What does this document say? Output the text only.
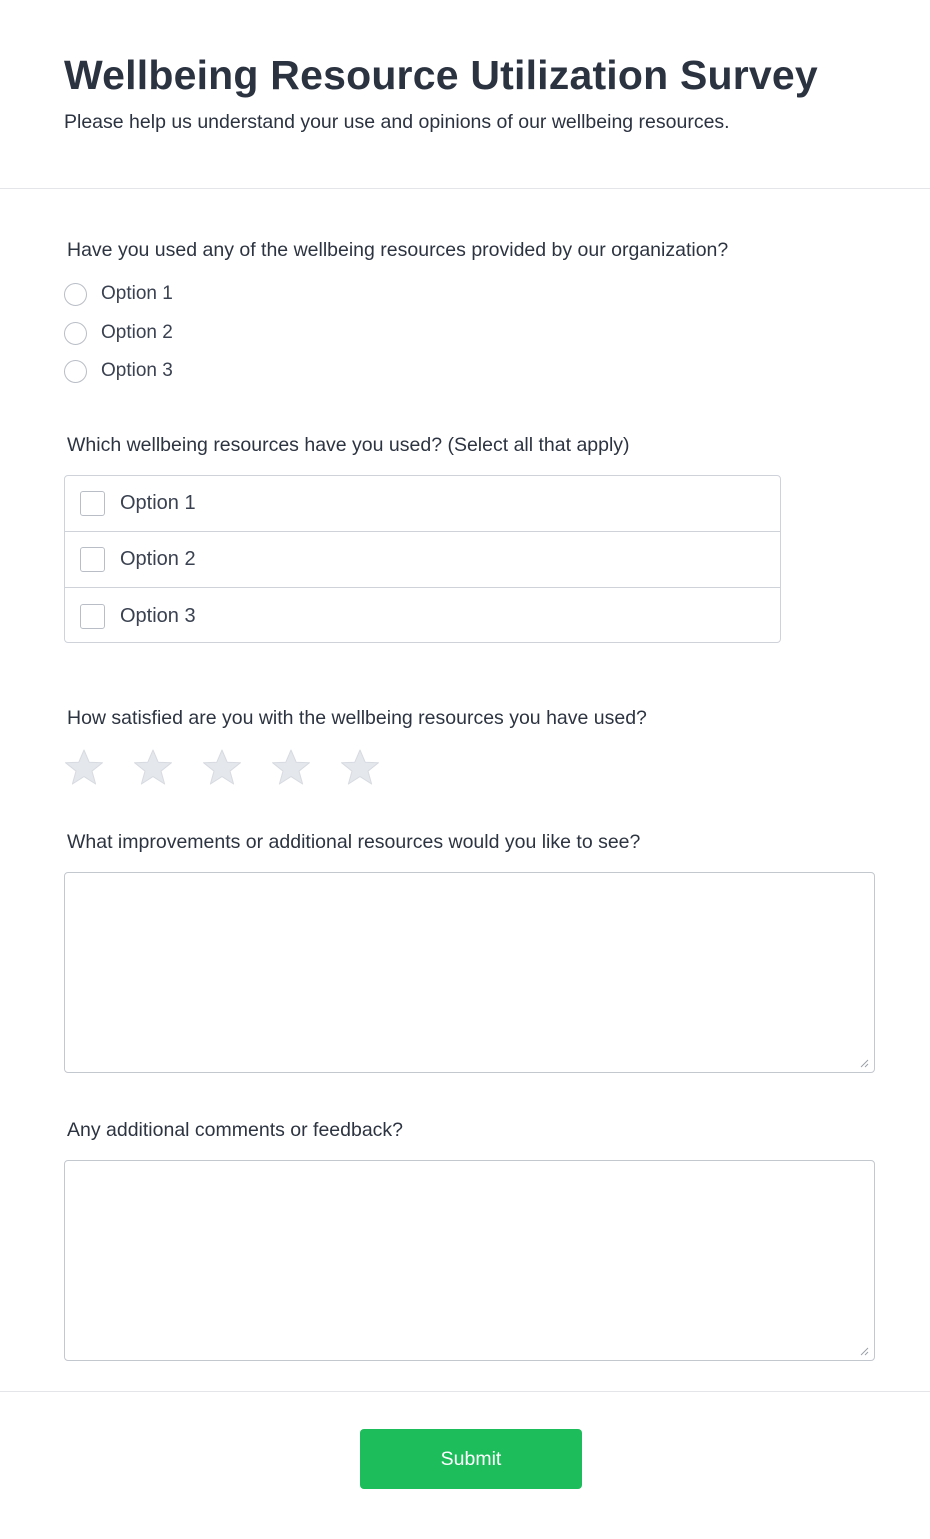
Wellbeing Resource Utilization Survey

Please help us understand your use and opinions of our wellbeing resources.

Have you used any of the wellbeing resources provided by our organization?
Option 1
Option 2
Option 3
Which wellbeing resources have you used? (Select all that apply)
Option 1
Option 2
Option 3
How satisfied are you with the wellbeing resources you have used?
What improvements or additional resources would you like to see?
Any additional comments or feedback?
Submit
